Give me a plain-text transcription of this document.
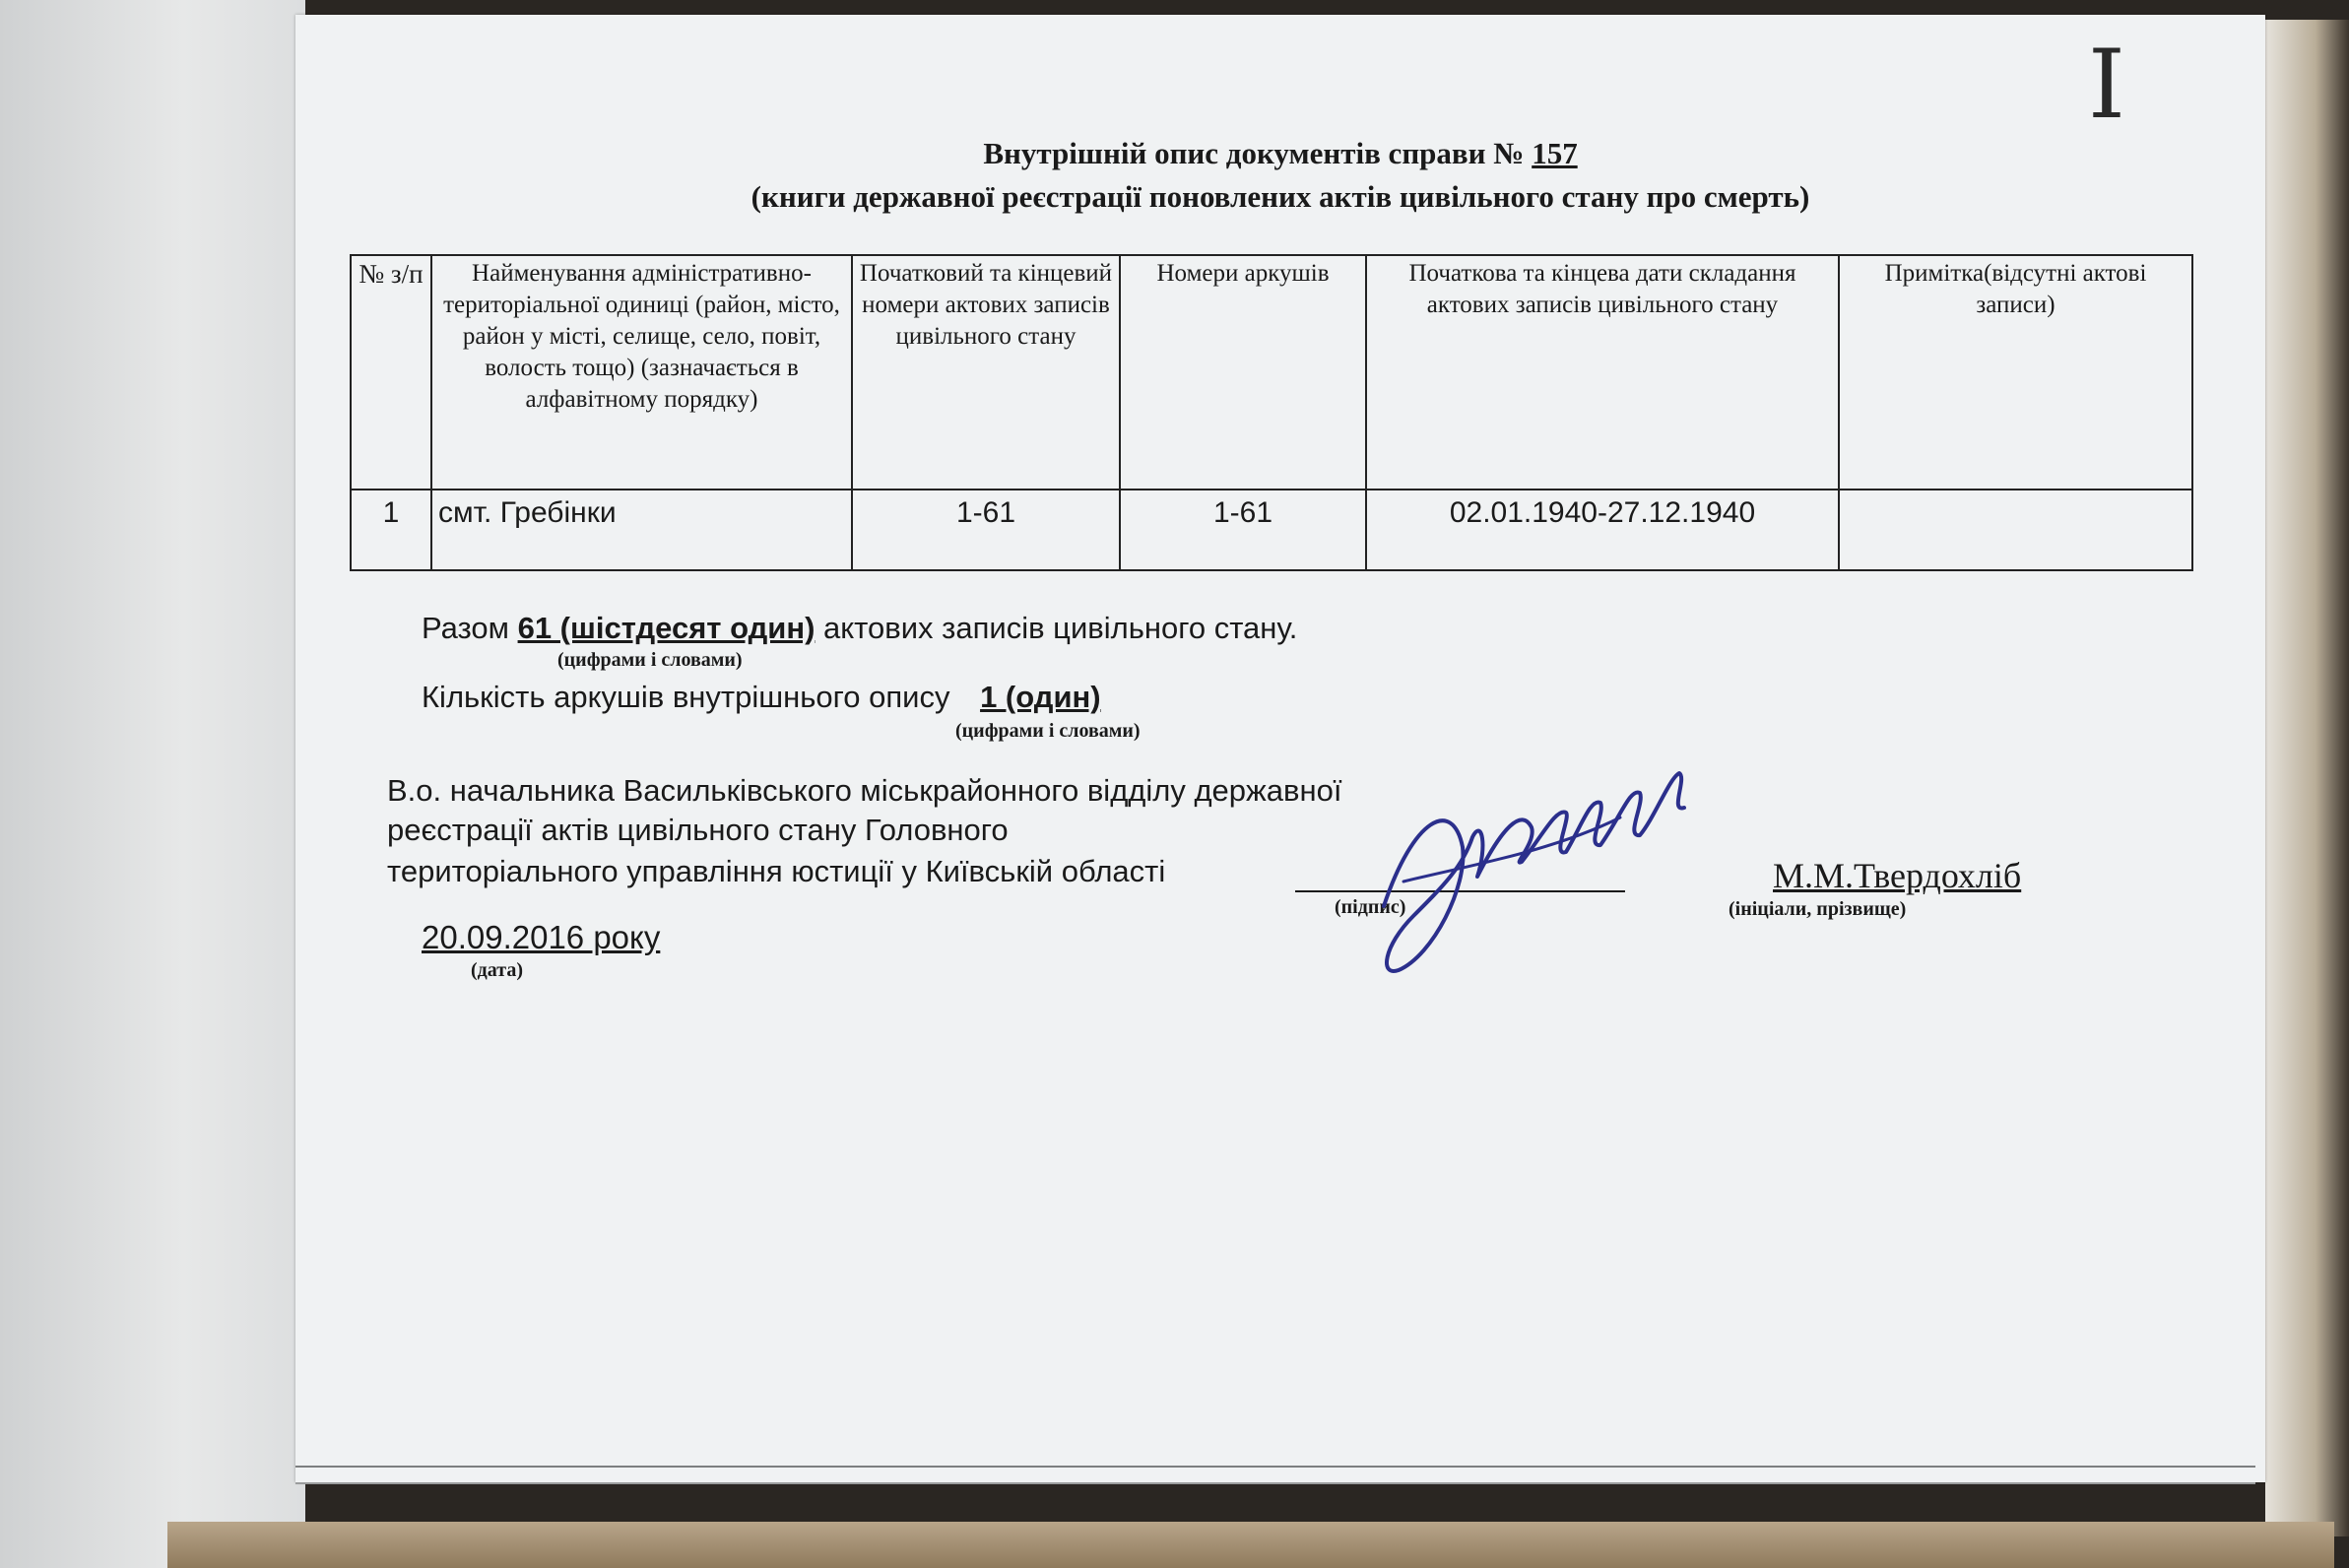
⠀
I
Внутрішній опис документів справи № 157
(книги державної реєстрації поновлених актів цивільного стану про смерть)
№ з/п	Найменування адміністративно-територіальної одиниці (район, місто, район у місті, селище, село, повіт, волость тощо) (зазначається в алфавітному порядку)	Початковий та кінцевий номери актових записів цивільного стану	Номери аркушів	Початкова та кінцева дати складання актових записів цивільного стану	Примітка(відсутні актові записи)
1	смт. Гребінки	1-61	1-61	02.01.1940-27.12.1940	
Разом 61 (шістдесят один) актових записів цивільного стану.
(цифрами і словами)
Кількість аркушів внутрішнього опису 1 (один)
(цифрами і словами)
В.о. начальника Васильківського міськрайонного відділу державної
реєстрації актів цивільного стану Головного
територіального управління юстиції у Київській області
(підпис)
М.М.Твердохліб
(ініціали, прізвище)
20.09.2016 року
(дата)
